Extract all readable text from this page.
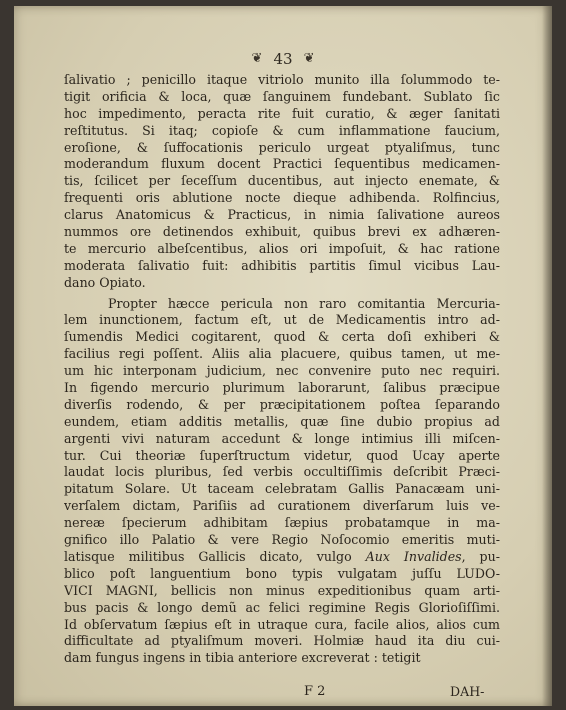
❦ 43 ❦
ſalivatio ; penicillo itaque vitriolo munito illa ſolummodo te-
tigit orificia & loca, quæ ſanguinem fundebant. Sublato ſic
hoc impedimento, peracta rite fuit curatio, & æger ſanitati
reſtitutus. Si itaq; copioſe & cum inflammatione faucium,
eroſione, & ſuffocationis periculo urgeat ptyaliſmus, tunc
moderandum fluxum docent Practici ſequentibus medicamen-
tis, ſcilicet per ſeceſſum ducentibus, aut injecto enemate, &
frequenti oris ablutione nocte dieque adhibenda. Rolfincius,
clarus Anatomicus & Practicus, in nimia ſalivatione aureos
nummos ore detinendos exhibuit, quibus brevi ex adhæren-
te mercurio albeſcentibus, alios ori impoſuit, & hac ratione
moderata ſalivatio fuit: adhibitis partitis ſimul vicibus Lau-
dano Opiato.
Propter hæcce pericula non raro comitantia Mercuria-
lem inunctionem, factum eſt, ut de Medicamentis intro ad-
ſumendis Medici cogitarent, quod & certa doſi exhiberi &
facilius regi poſſent. Aliis alia placuere, quibus tamen, ut me-
um hic interponam judicium, nec convenire puto nec requiri.
In figendo mercurio plurimum laborarunt, ſalibus præcipue
diverſis rodendo, & per præcipitationem poſtea ſeparando
eundem, etiam additis metallis, quæ ſine dubio propius ad
argenti vivi naturam accedunt & longe intimius illi miſcen-
tur. Cui theoriæ ſuperſtructum videtur, quod Ucay aperte
laudat locis pluribus, ſed verbis occultiſſimis deſcribit Præci-
pitatum Solare. Ut taceam celebratam Gallis Panacæam uni-
verſalem dictam, Pariſiis ad curationem diverſarum luis ve-
nereæ ſpecierum adhibitam ſæpius probatamque in ma-
gnifico illo Palatio & vere Regio Noſocomio emeritis muti-
latisque militibus Gallicis dicato, vulgo Aux Invalides, pu-
blico poſt languentium bono typis vulgatam juſſu LUDO-
VICI MAGNI, bellicis non minus expeditionibus quam arti-
bus pacis & longo demũ ac felici regimine Regis Glorioſiſſimi.
Id obſervatum ſæpius eſt in utraque cura, facile alios, alios cum
difficultate ad ptyaliſmum moveri. Holmiæ haud ita diu cui-
dam fungus ingens in tibia anteriore excreverat : tetigit
F 2	DAH-
